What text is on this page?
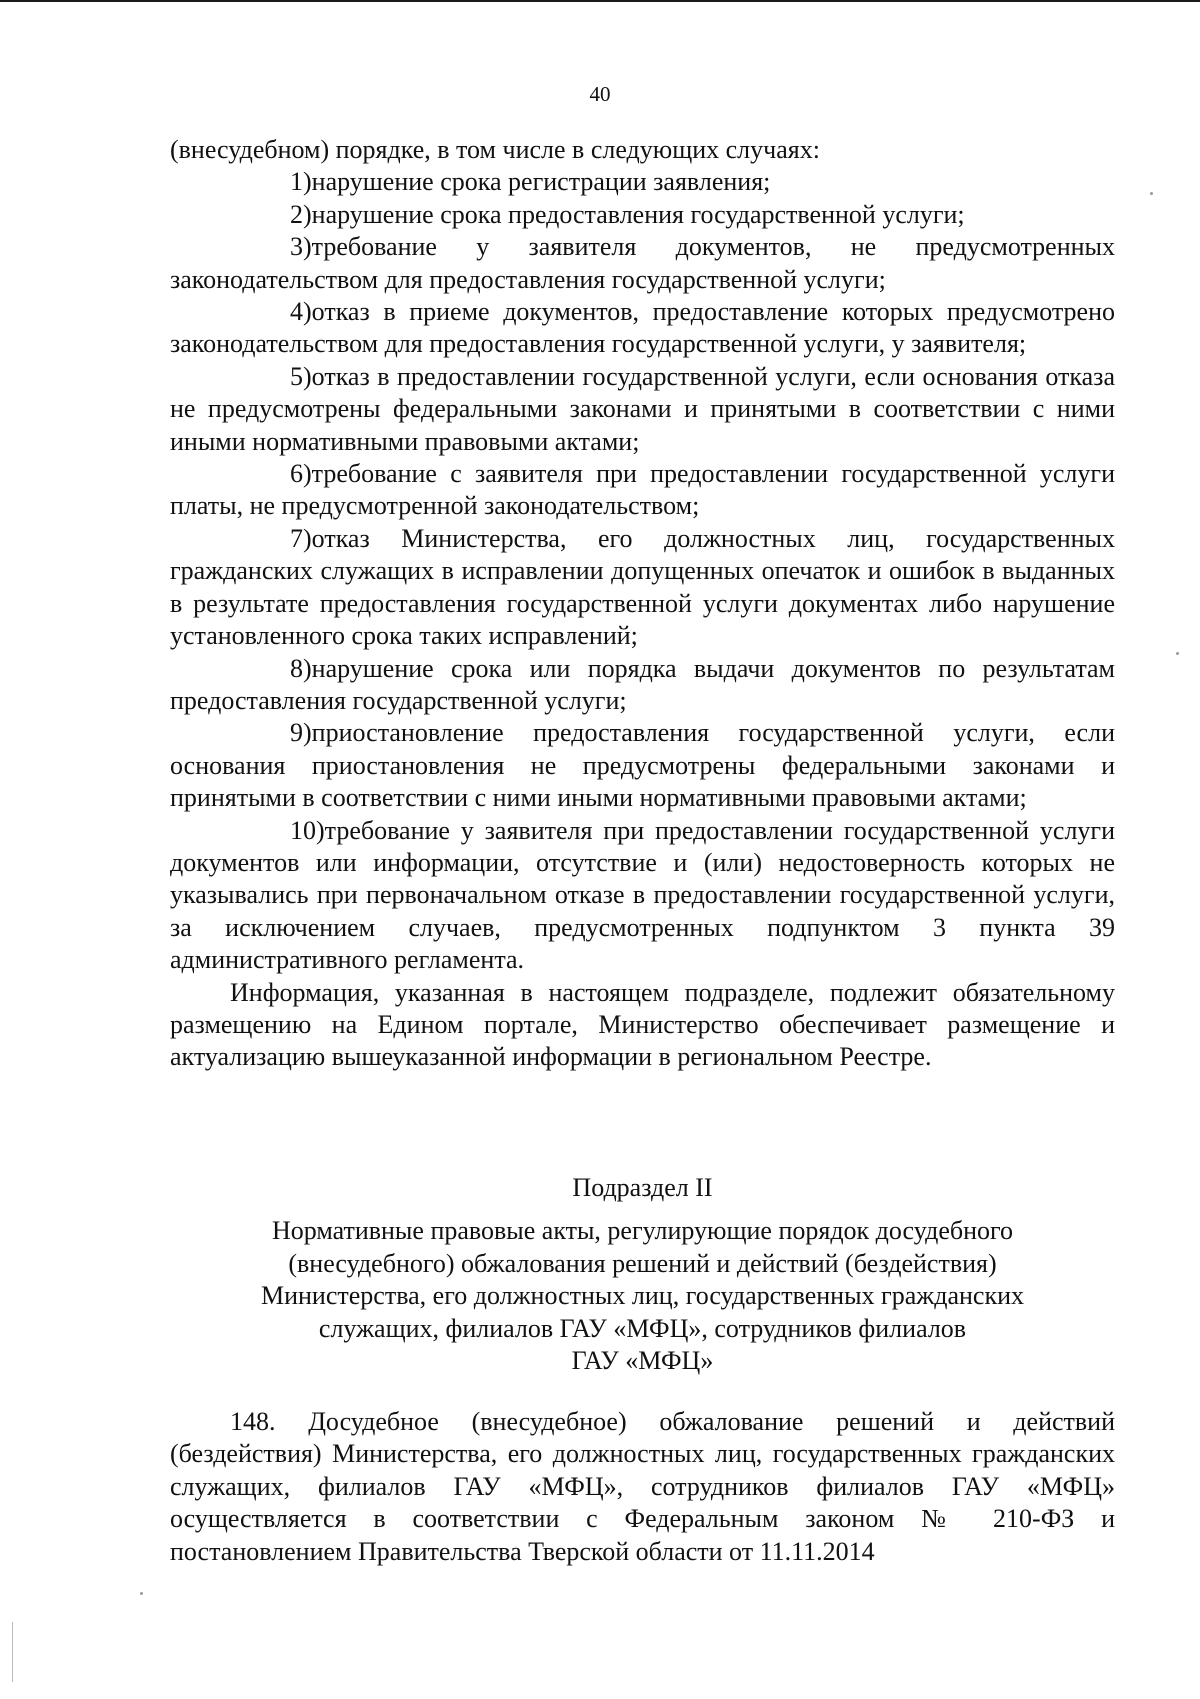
40

(внесудебном) порядке, в том числе в следующих случаях:

1)нарушение срока регистрации заявления;

2)нарушение срока предоставления государственной услуги;

3)требование у заявителя документов, не предусмотренных законодательством для предоставления государственной услуги;

4)отказ в приеме документов, предоставление которых предусмотрено законодательством для предоставления государственной услуги, у заявителя;

5)отказ в предоставлении государственной услуги, если основания отказа не предусмотрены федеральными законами и принятыми в соответствии с ними иными нормативными правовыми актами;

6)требование с заявителя при предоставлении государственной услуги платы, не предусмотренной законодательством;

7)отказ Министерства, его должностных лиц, государственных гражданских служащих в исправлении допущенных опечаток и ошибок в выданных в результате предоставления государственной услуги документах либо нарушение установленного срока таких исправлений;

8)нарушение срока или порядка выдачи документов по результатам предоставления государственной услуги;

9)приостановление предоставления государственной услуги, если основания приостановления не предусмотрены федеральными законами и принятыми в соответствии с ними иными нормативными правовыми актами;

10)требование у заявителя при предоставлении государственной услуги документов или информации, отсутствие и (или) недостоверность которых не указывались при первоначальном отказе в предоставлении государственной услуги, за исключением случаев, предусмотренных подпунктом 3 пункта 39 административного регламента.

Информация, указанная в настоящем подразделе, подлежит обязательному размещению на Едином портале, Министерство обеспечивает размещение и актуализацию вышеуказанной информации в региональном Реестре.

Подраздел II
Нормативные правовые акты, регулирующие порядок досудебного
(внесудебного) обжалования решений и действий (бездействия)
Министерства, его должностных лиц, государственных гражданских
служащих, филиалов ГАУ «МФЦ», сотрудников филиалов
ГАУ «МФЦ»

148. Досудебное (внесудебное) обжалование решений и действий (бездействия) Министерства, его должностных лиц, государственных гражданских служащих, филиалов ГАУ «МФЦ», сотрудников филиалов ГАУ «МФЦ» осуществляется в соответствии с Федеральным законом № 210-ФЗ и постановлением Правительства Тверской области от 11.11.2014
